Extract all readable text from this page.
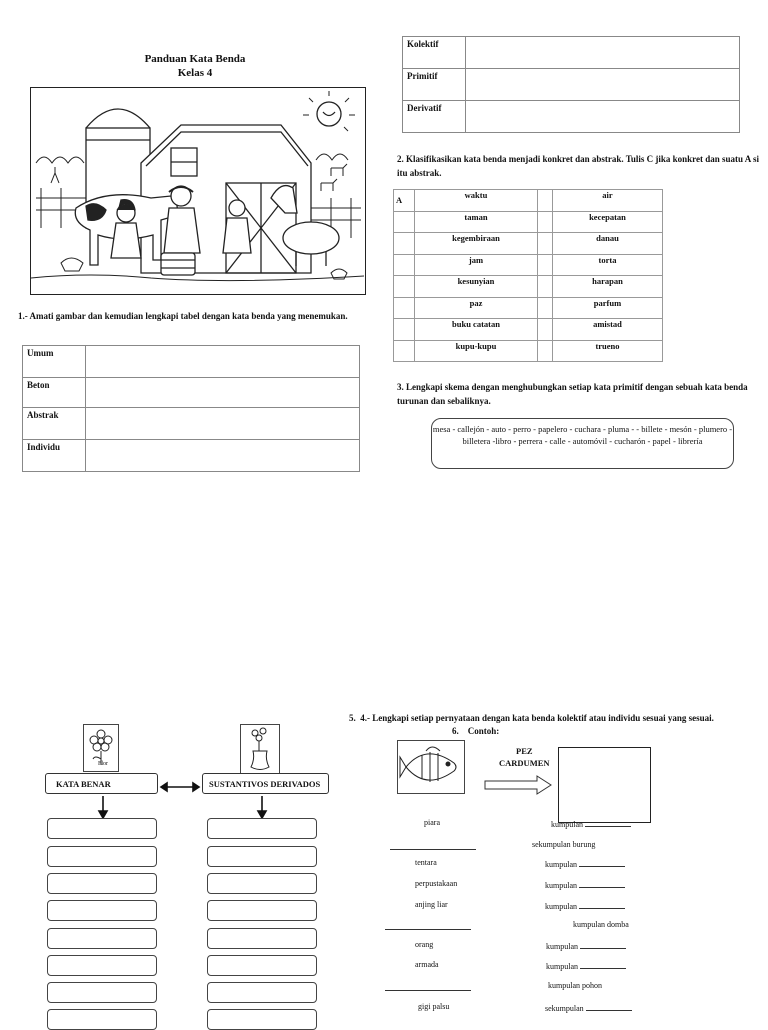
Panduan Kata Benda
Kelas 4
Kolektif	
Primitif	
Derivatif	
1.- Amati gambar dan kemudian lengkapi tabel dengan kata benda yang menemukan.
Umum	
Beton	
Abstrak	
Individu	
2. Klasifikasikan kata benda menjadi konkret dan abstrak. Tulis C jika konkret dan suatu A si itu abstrak.
A	waktu		air
	taman		kecepatan
	kegembiraan		danau
	jam		torta
	kesunyian		harapan
	paz		parfum
	buku catatan		amistad
	kupu-kupu		trueno
3. Lengkapi skema dengan menghubungkan setiap kata primitif dengan sebuah kata benda turunan dan sebaliknya.
mesa - callejón - auto - perro - papelero - cuchara - pluma - - billete - mesón - plumero - billetera -libro - perrera - calle - automóvil - cucharón - papel - librería
Flor
KATA BENAR	SUSTANTIVOS DERIVADOS
5. 4.- Lengkapi setiap pernyataan dengan kata benda kolektif atau individu sesuai yang sesuai.
6. Contoh:
PEZ
CARDUMEN
piara	kumpulan
sekumpulan burung
tentara	kumpulan
perpustakaan	kumpulan
anjing liar	kumpulan
kumpulan domba
orang	kumpulan
armada	kumpulan
kumpulan pohon
gigi palsu	sekumpulan
